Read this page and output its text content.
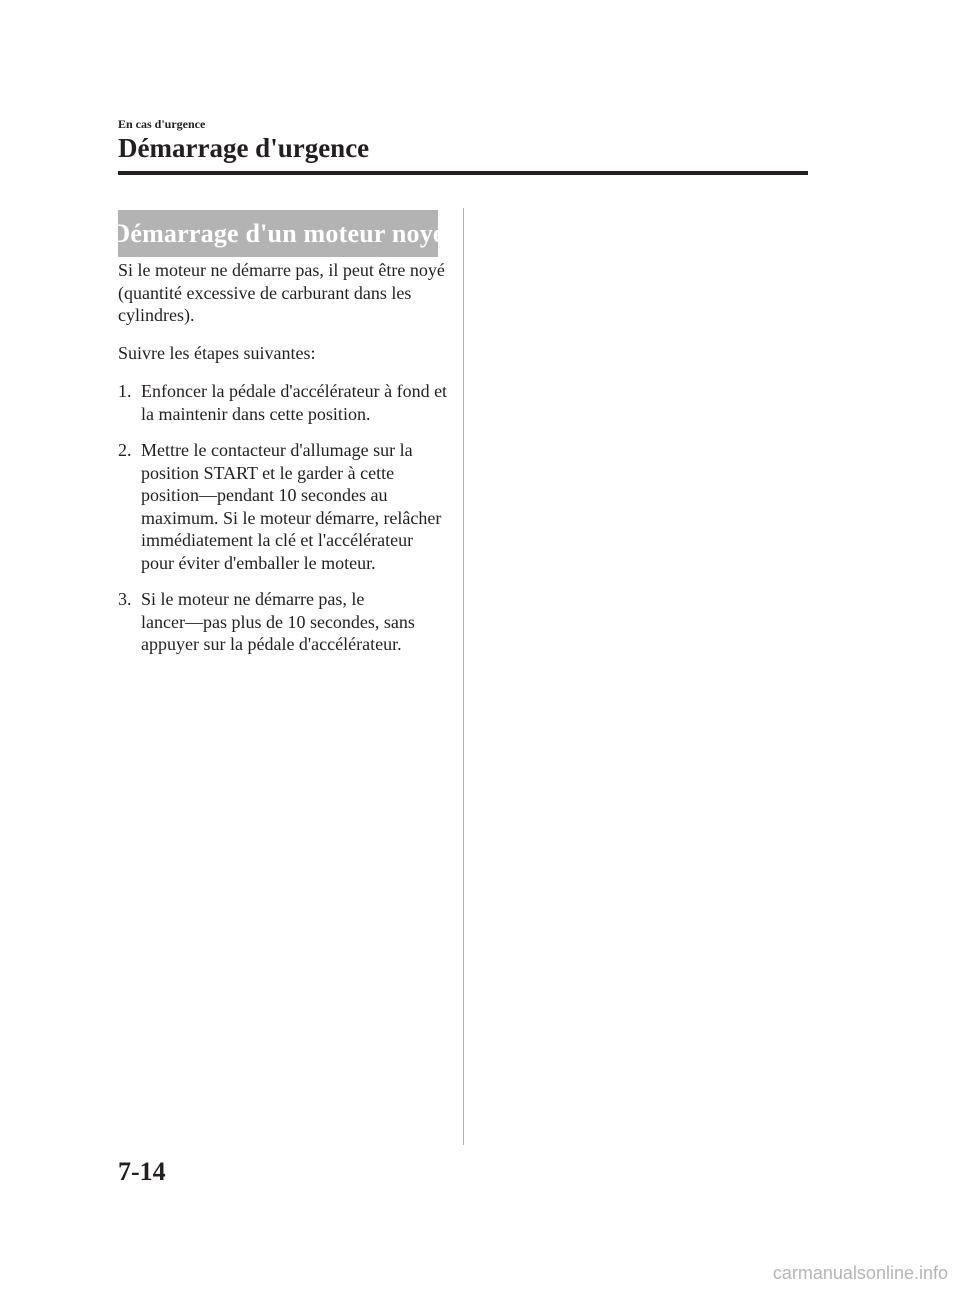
En cas d'urgence
Démarrage d'urgence
Démarrage d'un moteur noyé

Si le moteur ne démarre pas, il peut être noyé (quantité excessive de carburant dans les cylindres).

Suivre les étapes suivantes:

1. Enfoncer la pédale d'accélérateur à fond et la maintenir dans cette position.
2. Mettre le contacteur d'allumage sur la position START et le garder à cette position―pendant 10 secondes au maximum. Si le moteur démarre, relâcher immédiatement la clé et l'accélérateur pour éviter d'emballer le moteur.
3. Si le moteur ne démarre pas, le lancer―pas plus de 10 secondes, sans appuyer sur la pédale d'accélérateur.
7-14
carmanualsonline.info
